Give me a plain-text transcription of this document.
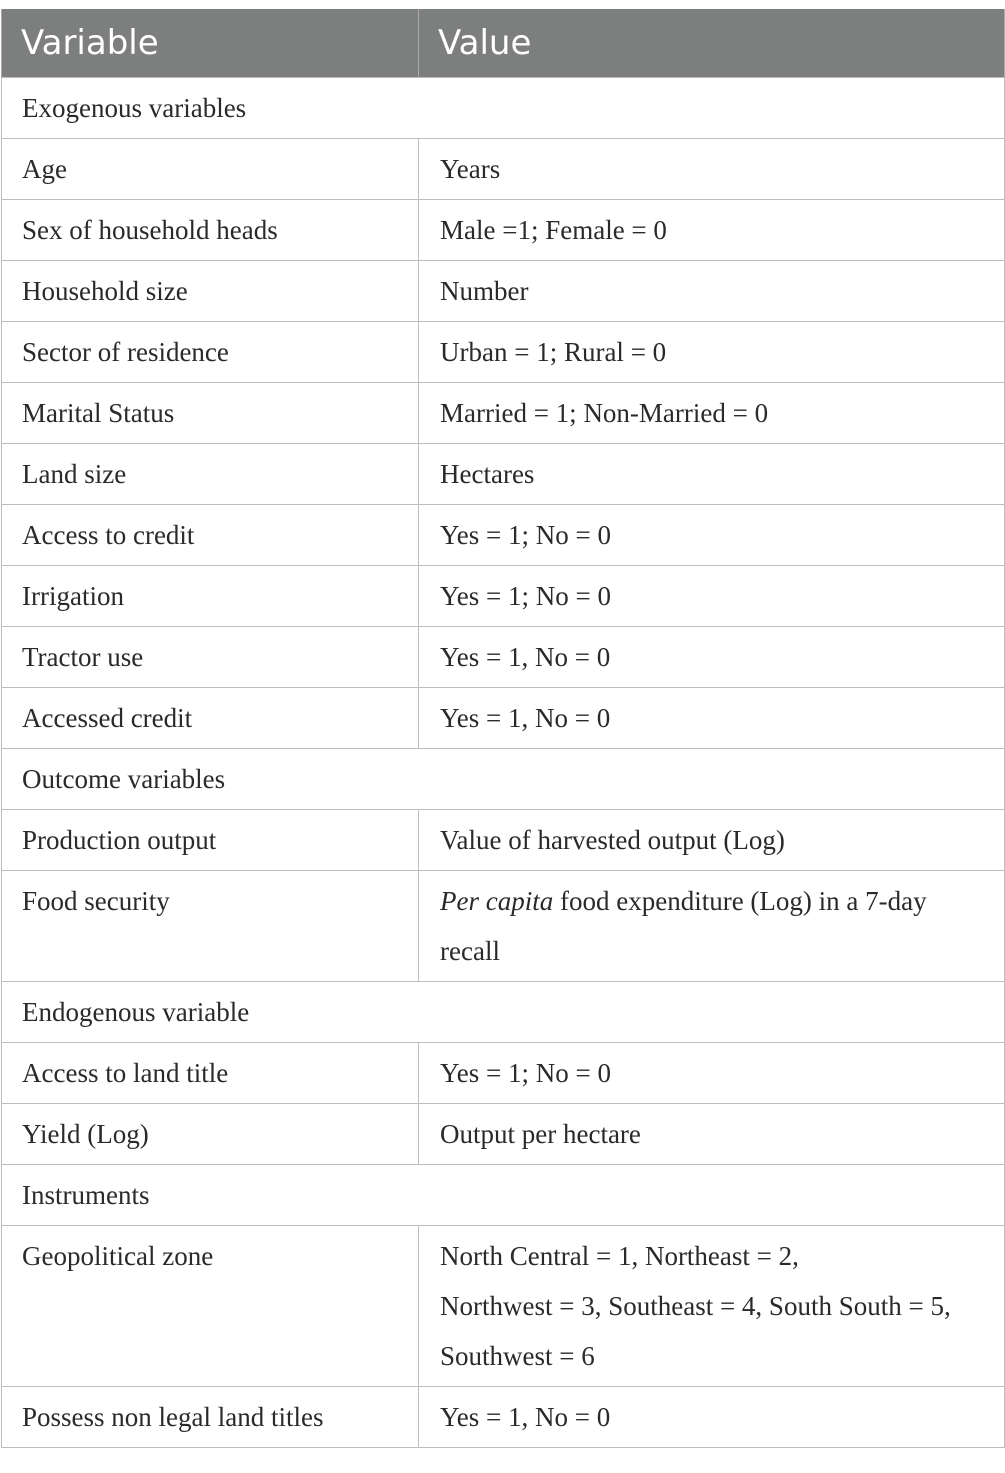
Variable	Value
Exogenous variables	
Age	Years
Sex of household heads	Male =1; Female = 0
Household size	Number
Sector of residence	Urban = 1; Rural = 0
Marital Status	Married = 1; Non-Married = 0
Land size	Hectares
Access to credit	Yes = 1; No = 0
Irrigation	Yes = 1; No = 0
Tractor use	Yes = 1, No = 0
Accessed credit	Yes = 1, No = 0
Outcome variables	
Production output	Value of harvested output (Log)
Food security	Per capita food expenditure (Log) in a 7-day recall
Endogenous variable	
Access to land title	Yes = 1; No = 0
Yield (Log)	Output per hectare
Instruments	
Geopolitical zone	North Central = 1, Northeast = 2,
Northwest = 3, Southeast = 4, South South = 5,
Southwest = 6
Possess non legal land titles	Yes = 1, No = 0
